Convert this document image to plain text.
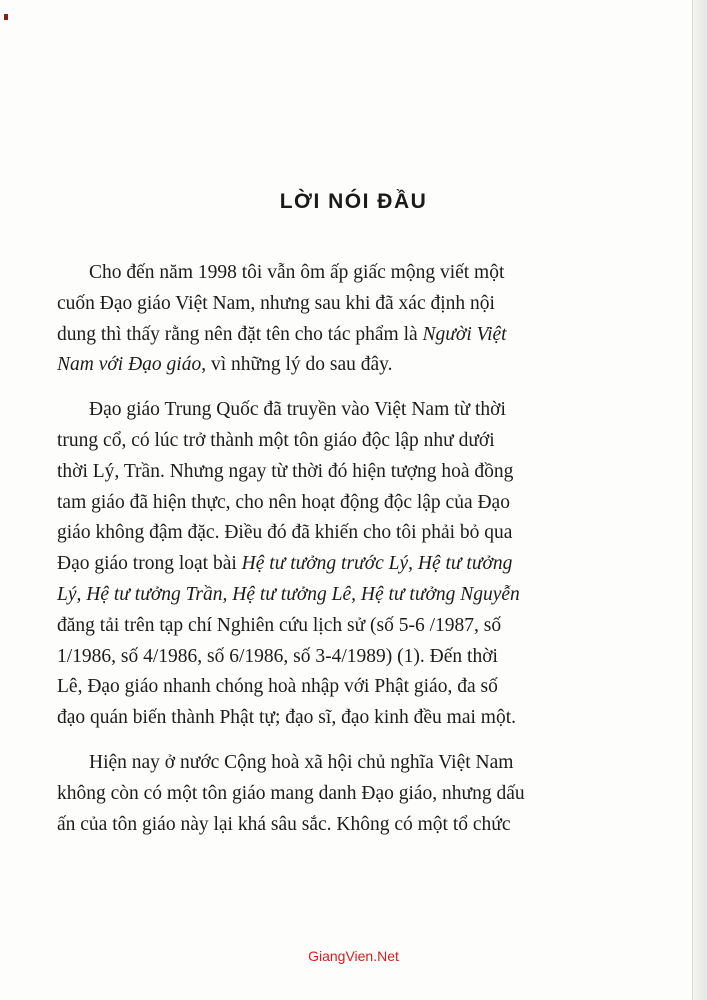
LỜI NÓI ĐẦU
Cho đến năm 1998 tôi vẫn ôm ấp giấc mộng viết một
cuốn Đạo giáo Việt Nam, nhưng sau khi đã xác định nội
dung thì thấy rằng nên đặt tên cho tác phẩm là Người Việt
Nam với Đạo giáo, vì những lý do sau đây.
Đạo giáo Trung Quốc đã truyền vào Việt Nam từ thời
trung cổ, có lúc trở thành một tôn giáo độc lập như dưới
thời Lý, Trần. Nhưng ngay từ thời đó hiện tượng hoà đồng
tam giáo đã hiện thực, cho nên hoạt động độc lập của Đạo
giáo không đậm đặc. Điều đó đã khiến cho tôi phải bỏ qua
Đạo giáo trong loạt bài Hệ tư tưởng trước Lý, Hệ tư tưởng
Lý, Hệ tư tưởng Trần, Hệ tư tưởng Lê, Hệ tư tưởng Nguyễn
đăng tải trên tạp chí Nghiên cứu lịch sử (số 5-6 /1987, số
1/1986, số 4/1986, số 6/1986, số 3-4/1989) (1). Đến thời
Lê, Đạo giáo nhanh chóng hoà nhập với Phật giáo, đa số
đạo quán biến thành Phật tự; đạo sĩ, đạo kinh đều mai một.
Hiện nay ở nước Cộng hoà xã hội chủ nghĩa Việt Nam
không còn có một tôn giáo mang danh Đạo giáo, nhưng dấu
ấn của tôn giáo này lại khá sâu sắc. Không có một tổ chức
GiangVien.Net
